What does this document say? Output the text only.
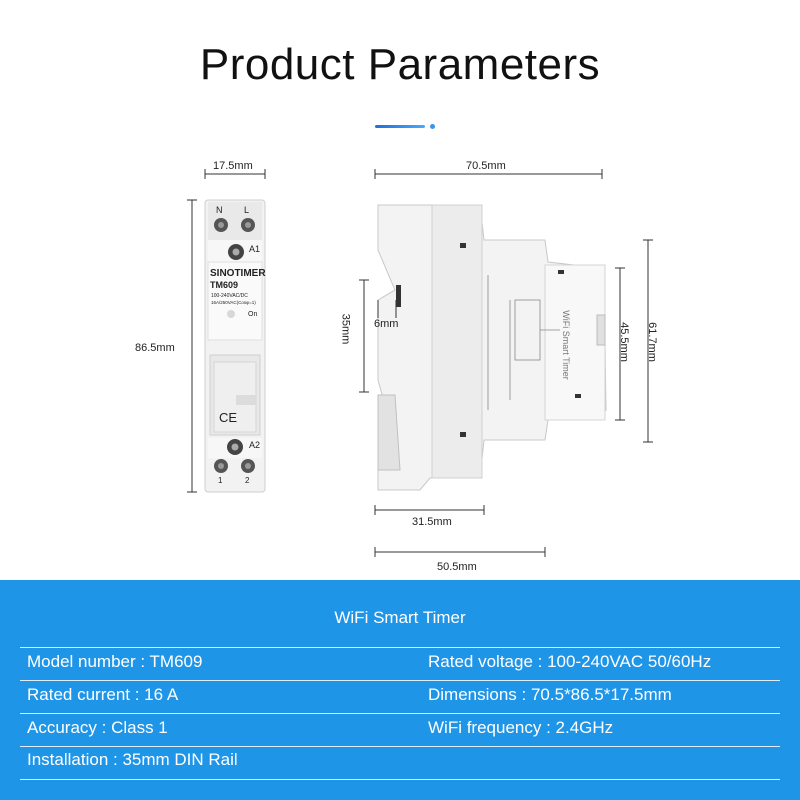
Product Parameters
17.5mm
86.5mm
N L
A1
SINOTIMER
TM609
100-240VAC/DC
16A/250VAC(Cosφ=1)
On
CE
A2
1	2
70.5mm
35mm 6mm	45.5mm 61.7mm
31.5mm
50.5mm
WiFi Smart Timer
WiFi Smart Timer
Model number : TM609	Rated voltage : 100-240VAC 50/60Hz
Rated current : 16 A	Dimensions : 70.5*86.5*17.5mm
Accuracy : Class 1	WiFi frequency : 2.4GHz
Installation : 35mm DIN Rail
